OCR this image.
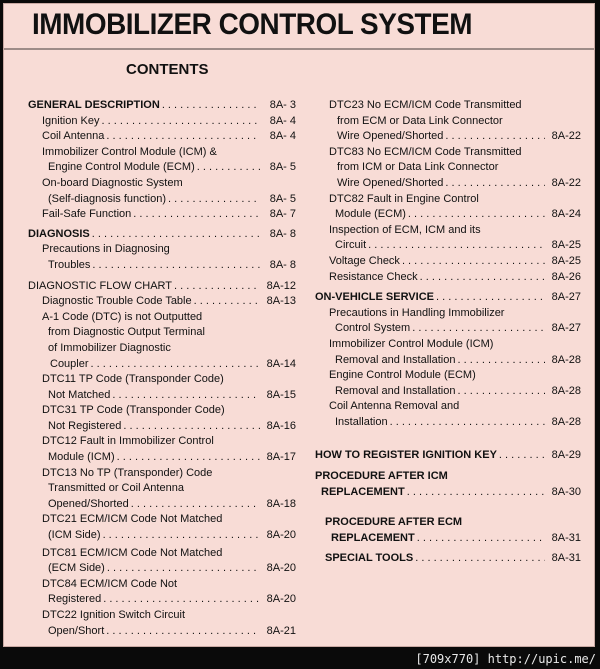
IMMOBILIZER CONTROL SYSTEM
CONTENTS
GENERAL DESCRIPTION . . .	8A- 3
Ignition Key . . .	8A- 4
Coil Antenna . . .	8A- 4
Immobilizer Control Module (ICM) &
Engine Control Module (ECM) . . .	8A- 5
On-board Diagnostic System
(Self-diagnosis function) . . .	8A- 5
Fail-Safe Function . . .	8A- 7
DIAGNOSIS . . .	8A- 8
Precautions in Diagnosing
Troubles . . .	8A- 8
DIAGNOSTIC FLOW CHART . . .	8A-12
Diagnostic Trouble Code Table . . .	8A-13
A-1 Code (DTC) is not Outputted
from Diagnostic Output Terminal
of Immobilizer Diagnostic
Coupler . . .	8A-14
DTC11 TP Code (Transponder Code)
Not Matched . . .	8A-15
DTC31 TP Code (Transponder Code)
Not Registered . . .	8A-16
DTC12 Fault in Immobilizer Control
Module (ICM) . . .	8A-17
DTC13 No TP (Transponder) Code
Transmitted or Coil Antenna
Opened/Shorted . . .	8A-18
DTC21 ECM/ICM Code Not Matched
(ICM Side) . . .	8A-20
DTC81 ECM/ICM Code Not Matched
(ECM Side) . . .	8A-20
DTC84 ECM/ICM Code Not
Registered . . .	8A-20
DTC22 Ignition Switch Circuit
Open/Short . . .	8A-21
DTC23 No ECM/ICM Code Transmitted
from ECM or Data Link Connector
Wire Opened/Shorted . . .	8A-22
DTC83 No ECM/ICM Code Transmitted
from ICM or Data Link Connector
Wire Opened/Shorted . . .	8A-22
DTC82 Fault in Engine Control
Module (ECM) . . .	8A-24
Inspection of ECM, ICM and its
Circuit . . .	8A-25
Voltage Check . . .	8A-25
Resistance Check . . .	8A-26
ON-VEHICLE SERVICE . . .	8A-27
Precautions in Handling Immobilizer
Control System . . .	8A-27
Immobilizer Control Module (ICM)
Removal and Installation . . .	8A-28
Engine Control Module (ECM)
Removal and Installation . . .	8A-28
Coil Antenna Removal and
Installation . . .	8A-28
HOW TO REGISTER IGNITION KEY . . .	8A-29
PROCEDURE AFTER ICM
REPLACEMENT . . .	8A-30
PROCEDURE AFTER ECM
REPLACEMENT . . .	8A-31
SPECIAL TOOLS . . .	8A-31
[709x770] http://upic.me/
